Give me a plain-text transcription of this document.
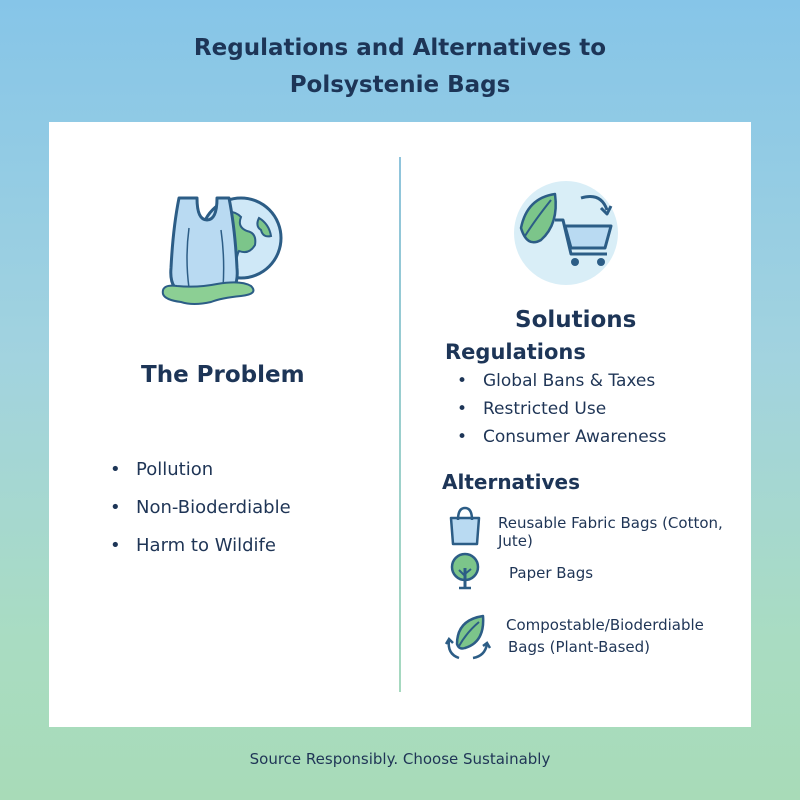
Regulations and Alternatives to
Polsystenie Bags
The Problem
• Pollution
• Non-Bioderdiable
• Harm to Wildife
Solutions
Regulations
• Global Bans & Taxes
• Restricted Use
• Consumer Awareness
Alternatives
Reusable Fabric Bags (Cotton, Jute)
Paper Bags
Compostable/Bioderdiable
Bags (Plant-Based)
Source Responsibly. Choose Sustainably
